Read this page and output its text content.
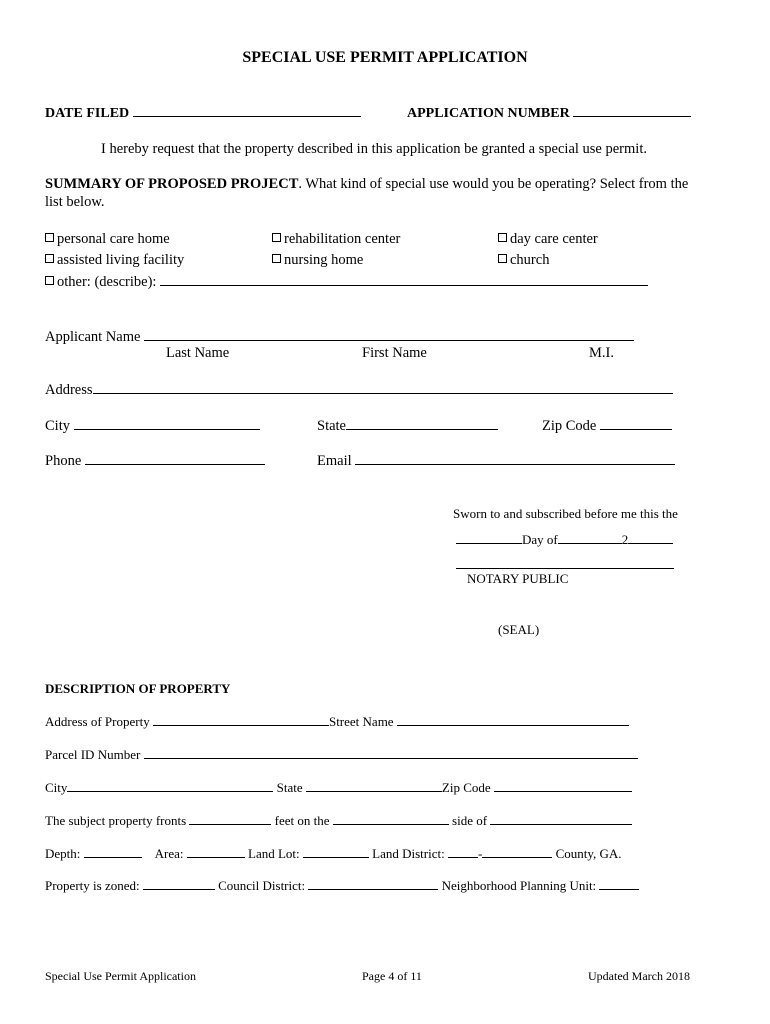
SPECIAL USE PERMIT APPLICATION
DATE FILED	APPLICATION NUMBER
I hereby request that the property described in this application be granted a special use permit.
SUMMARY OF PROPOSED PROJECT. What kind of special use would you be operating? Select from the
list below.
personal care home	rehabilitation center	day care center
assisted living facility	nursing home	church
other: (describe):
Applicant Name
Last Name	First Name	M.I.
Address
City	State	Zip Code
Phone	Email
Sworn to and subscribed before me this the
Day of	2
NOTARY PUBLIC
(SEAL)
DESCRIPTION OF PROPERTY
Address of Property	Street Name
Parcel ID Number
City	State	Zip Code
The subject property fronts	feet on the	side of
Depth:	Area:	Land Lot:	Land District:	-	County, GA.
Property is zoned:	Council District:	Neighborhood Planning Unit:
Special Use Permit Application	Page 4 of 11	Updated March 2018
